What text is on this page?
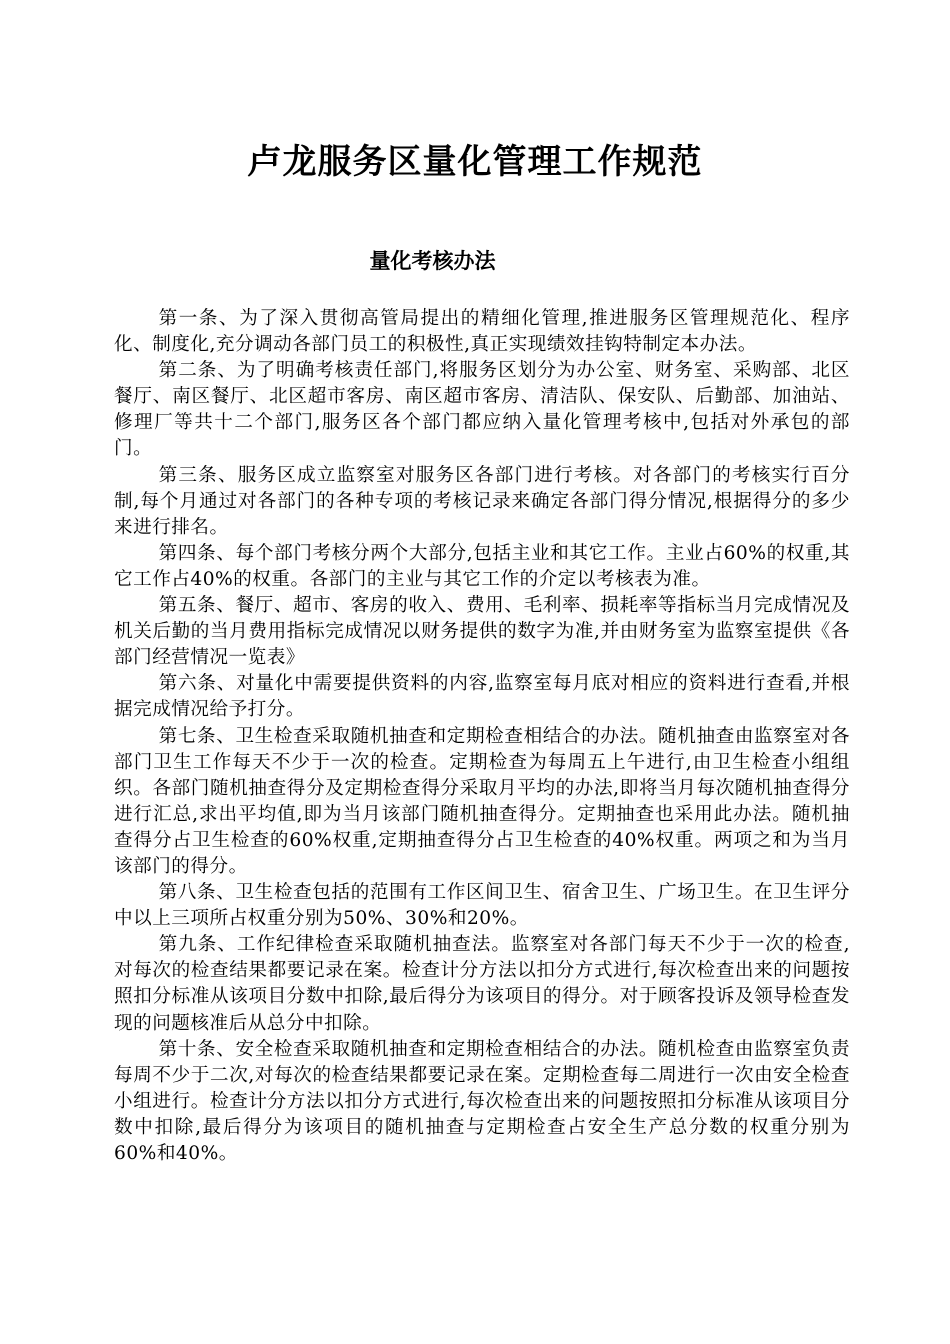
卢龙服务区量化管理工作规范
量化考核办法

第一条、为了深入贯彻高管局提出的精细化管理,推进服务区管理规范化、程序化、制度化,充分调动各部门员工的积极性,真正实现绩效挂钩特制定本办法。

第二条、为了明确考核责任部门,将服务区划分为办公室、财务室、采购部、北区餐厅、南区餐厅、北区超市客房、南区超市客房、清洁队、保安队、后勤部、加油站、修理厂等共十二个部门,服务区各个部门都应纳入量化管理考核中,包括对外承包的部门。

第三条、服务区成立监察室对服务区各部门进行考核。对各部门的考核实行百分制,每个月通过对各部门的各种专项的考核记录来确定各部门得分情况,根据得分的多少来进行排名。

第四条、每个部门考核分两个大部分,包括主业和其它工作。主业占60%的权重,其它工作占40%的权重。各部门的主业与其它工作的介定以考核表为准。

第五条、餐厅、超市、客房的收入、费用、毛利率、损耗率等指标当月完成情况及机关后勤的当月费用指标完成情况以财务提供的数字为准,并由财务室为监察室提供《各部门经营情况一览表》

第六条、对量化中需要提供资料的内容,监察室每月底对相应的资料进行查看,并根据完成情况给予打分。

第七条、卫生检查采取随机抽查和定期检查相结合的办法。随机抽查由监察室对各部门卫生工作每天不少于一次的检查。定期检查为每周五上午进行,由卫生检查小组组织。各部门随机抽查得分及定期检查得分采取月平均的办法,即将当月每次随机抽查得分进行汇总,求出平均值,即为当月该部门随机抽查得分。定期抽查也采用此办法。随机抽查得分占卫生检查的60%权重,定期抽查得分占卫生检查的40%权重。两项之和为当月该部门的得分。

第八条、卫生检查包括的范围有工作区间卫生、宿舍卫生、广场卫生。在卫生评分中以上三项所占权重分别为50%、30%和20%。

第九条、工作纪律检查采取随机抽查法。监察室对各部门每天不少于一次的检查,对每次的检查结果都要记录在案。检查计分方法以扣分方式进行,每次检查出来的问题按照扣分标准从该项目分数中扣除,最后得分为该项目的得分。对于顾客投诉及领导检查发现的问题核准后从总分中扣除。

第十条、安全检查采取随机抽查和定期检查相结合的办法。随机检查由监察室负责每周不少于二次,对每次的检查结果都要记录在案。定期检查每二周进行一次由安全检查小组进行。检查计分方法以扣分方式进行,每次检查出来的问题按照扣分标准从该项目分数中扣除,最后得分为该项目的随机抽查与定期检查占安全生产总分数的权重分别为60%和40%。
